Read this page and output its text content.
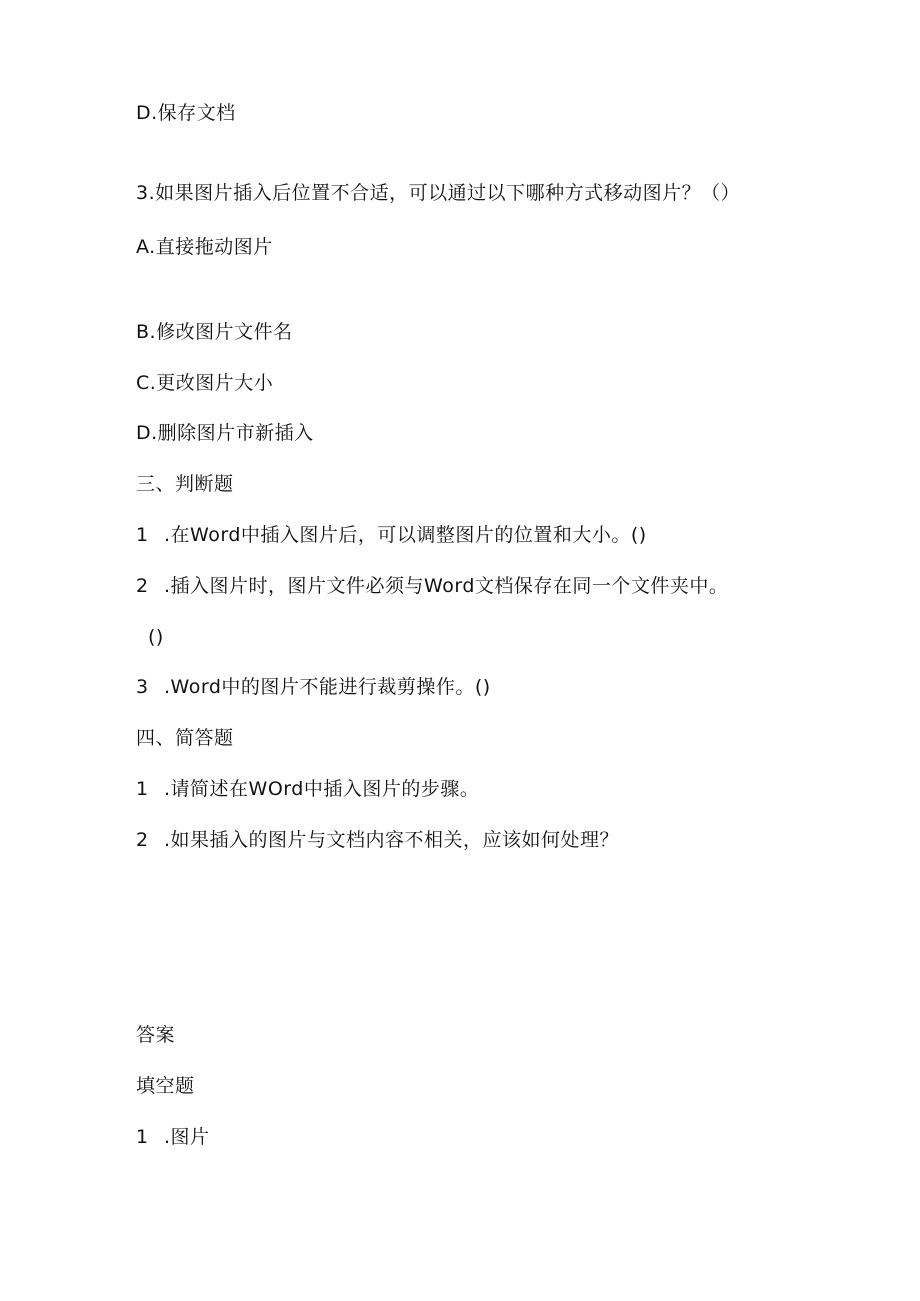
D.保存文档
3.如果图片插入后位置不合适，可以通过以下哪种方式移动图片？（）
A.直接拖动图片
B.修改图片文件名
C.更改图片大小
D.删除图片市新插入
三、判断题
1 .在Word中插入图片后，可以调整图片的位置和大小。()
2 .插入图片时，图片文件必须与Word文档保存在同一个文件夹中。
()
3 .Word中的图片不能进行裁剪操作。()
四、简答题
1 .请简述在WOrd中插入图片的步骤。
2 .如果插入的图片与文档内容不相关，应该如何处理？
答案
填空题
1 .图片
